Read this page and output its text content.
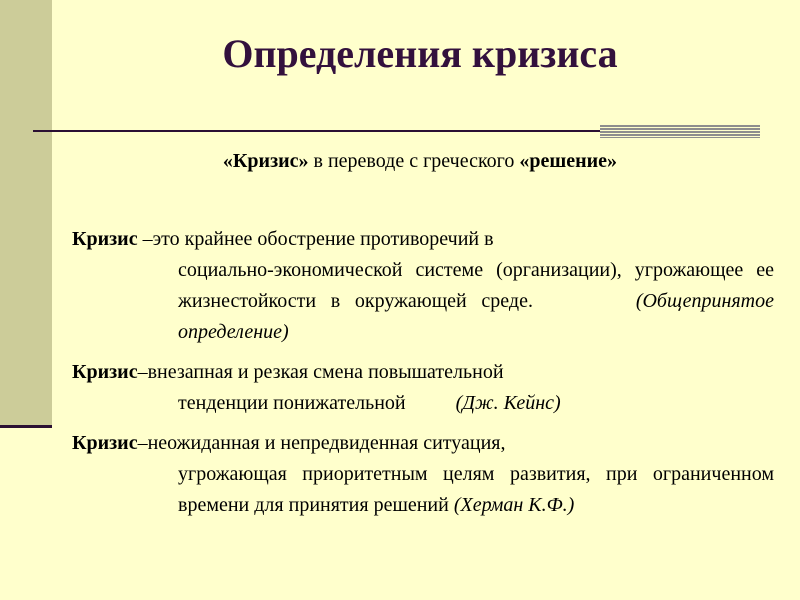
Определения кризиса
«Кризис» в переводе с греческого «решение»
Кризис –это крайнее обострение противоречий в
социально-экономической системе (организации), угрожающее ее жизнестойкости в окружающей среде.	(Общепринятое определение)
Кризис–внезапная и резкая смена повышательной
тенденции понижательной	(Дж. Кейнс)
Кризис–неожиданная и непредвиденная ситуация,
угрожающая приоритетным целям развития, при ограниченном времени для принятия решений (Херман К.Ф.)
